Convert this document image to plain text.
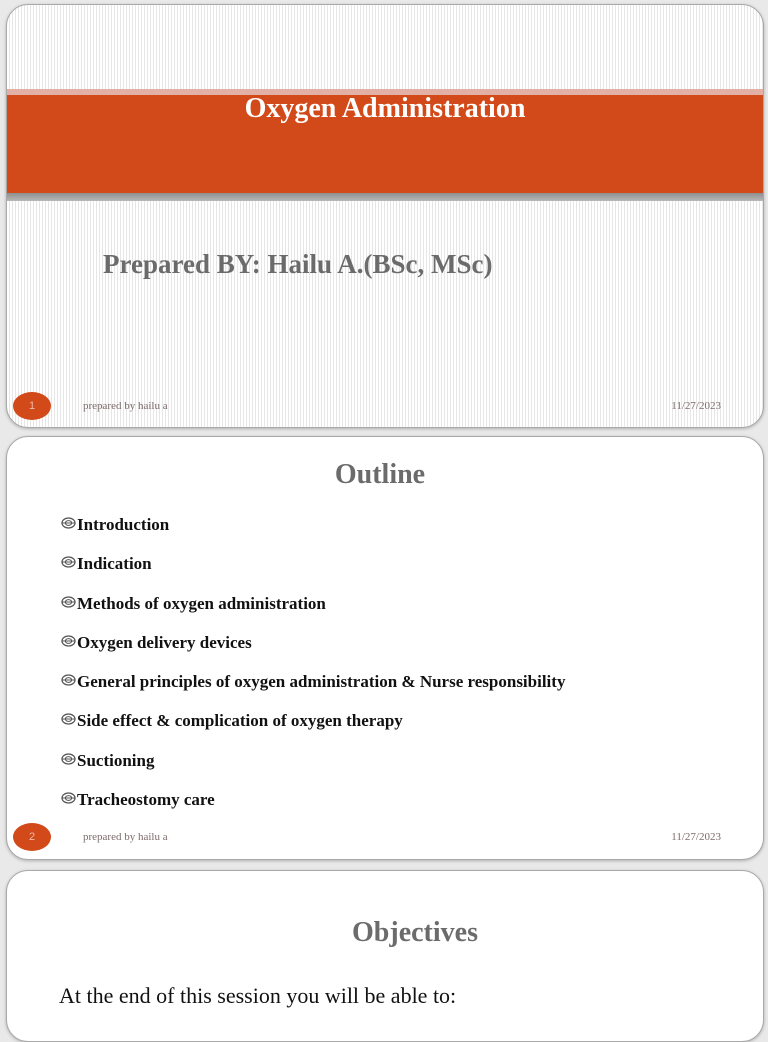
Oxygen Administration
Prepared BY: Hailu A.(BSc, MSc)
1	prepared by hailu a	11/27/2023
Outline
Introduction
Indication
Methods of oxygen administration
Oxygen delivery devices
General principles of oxygen administration & Nurse responsibility
Side effect & complication of oxygen therapy
Suctioning
Tracheostomy care
2	prepared by hailu a	11/27/2023
Objectives
At the end of this session you will be able to:
